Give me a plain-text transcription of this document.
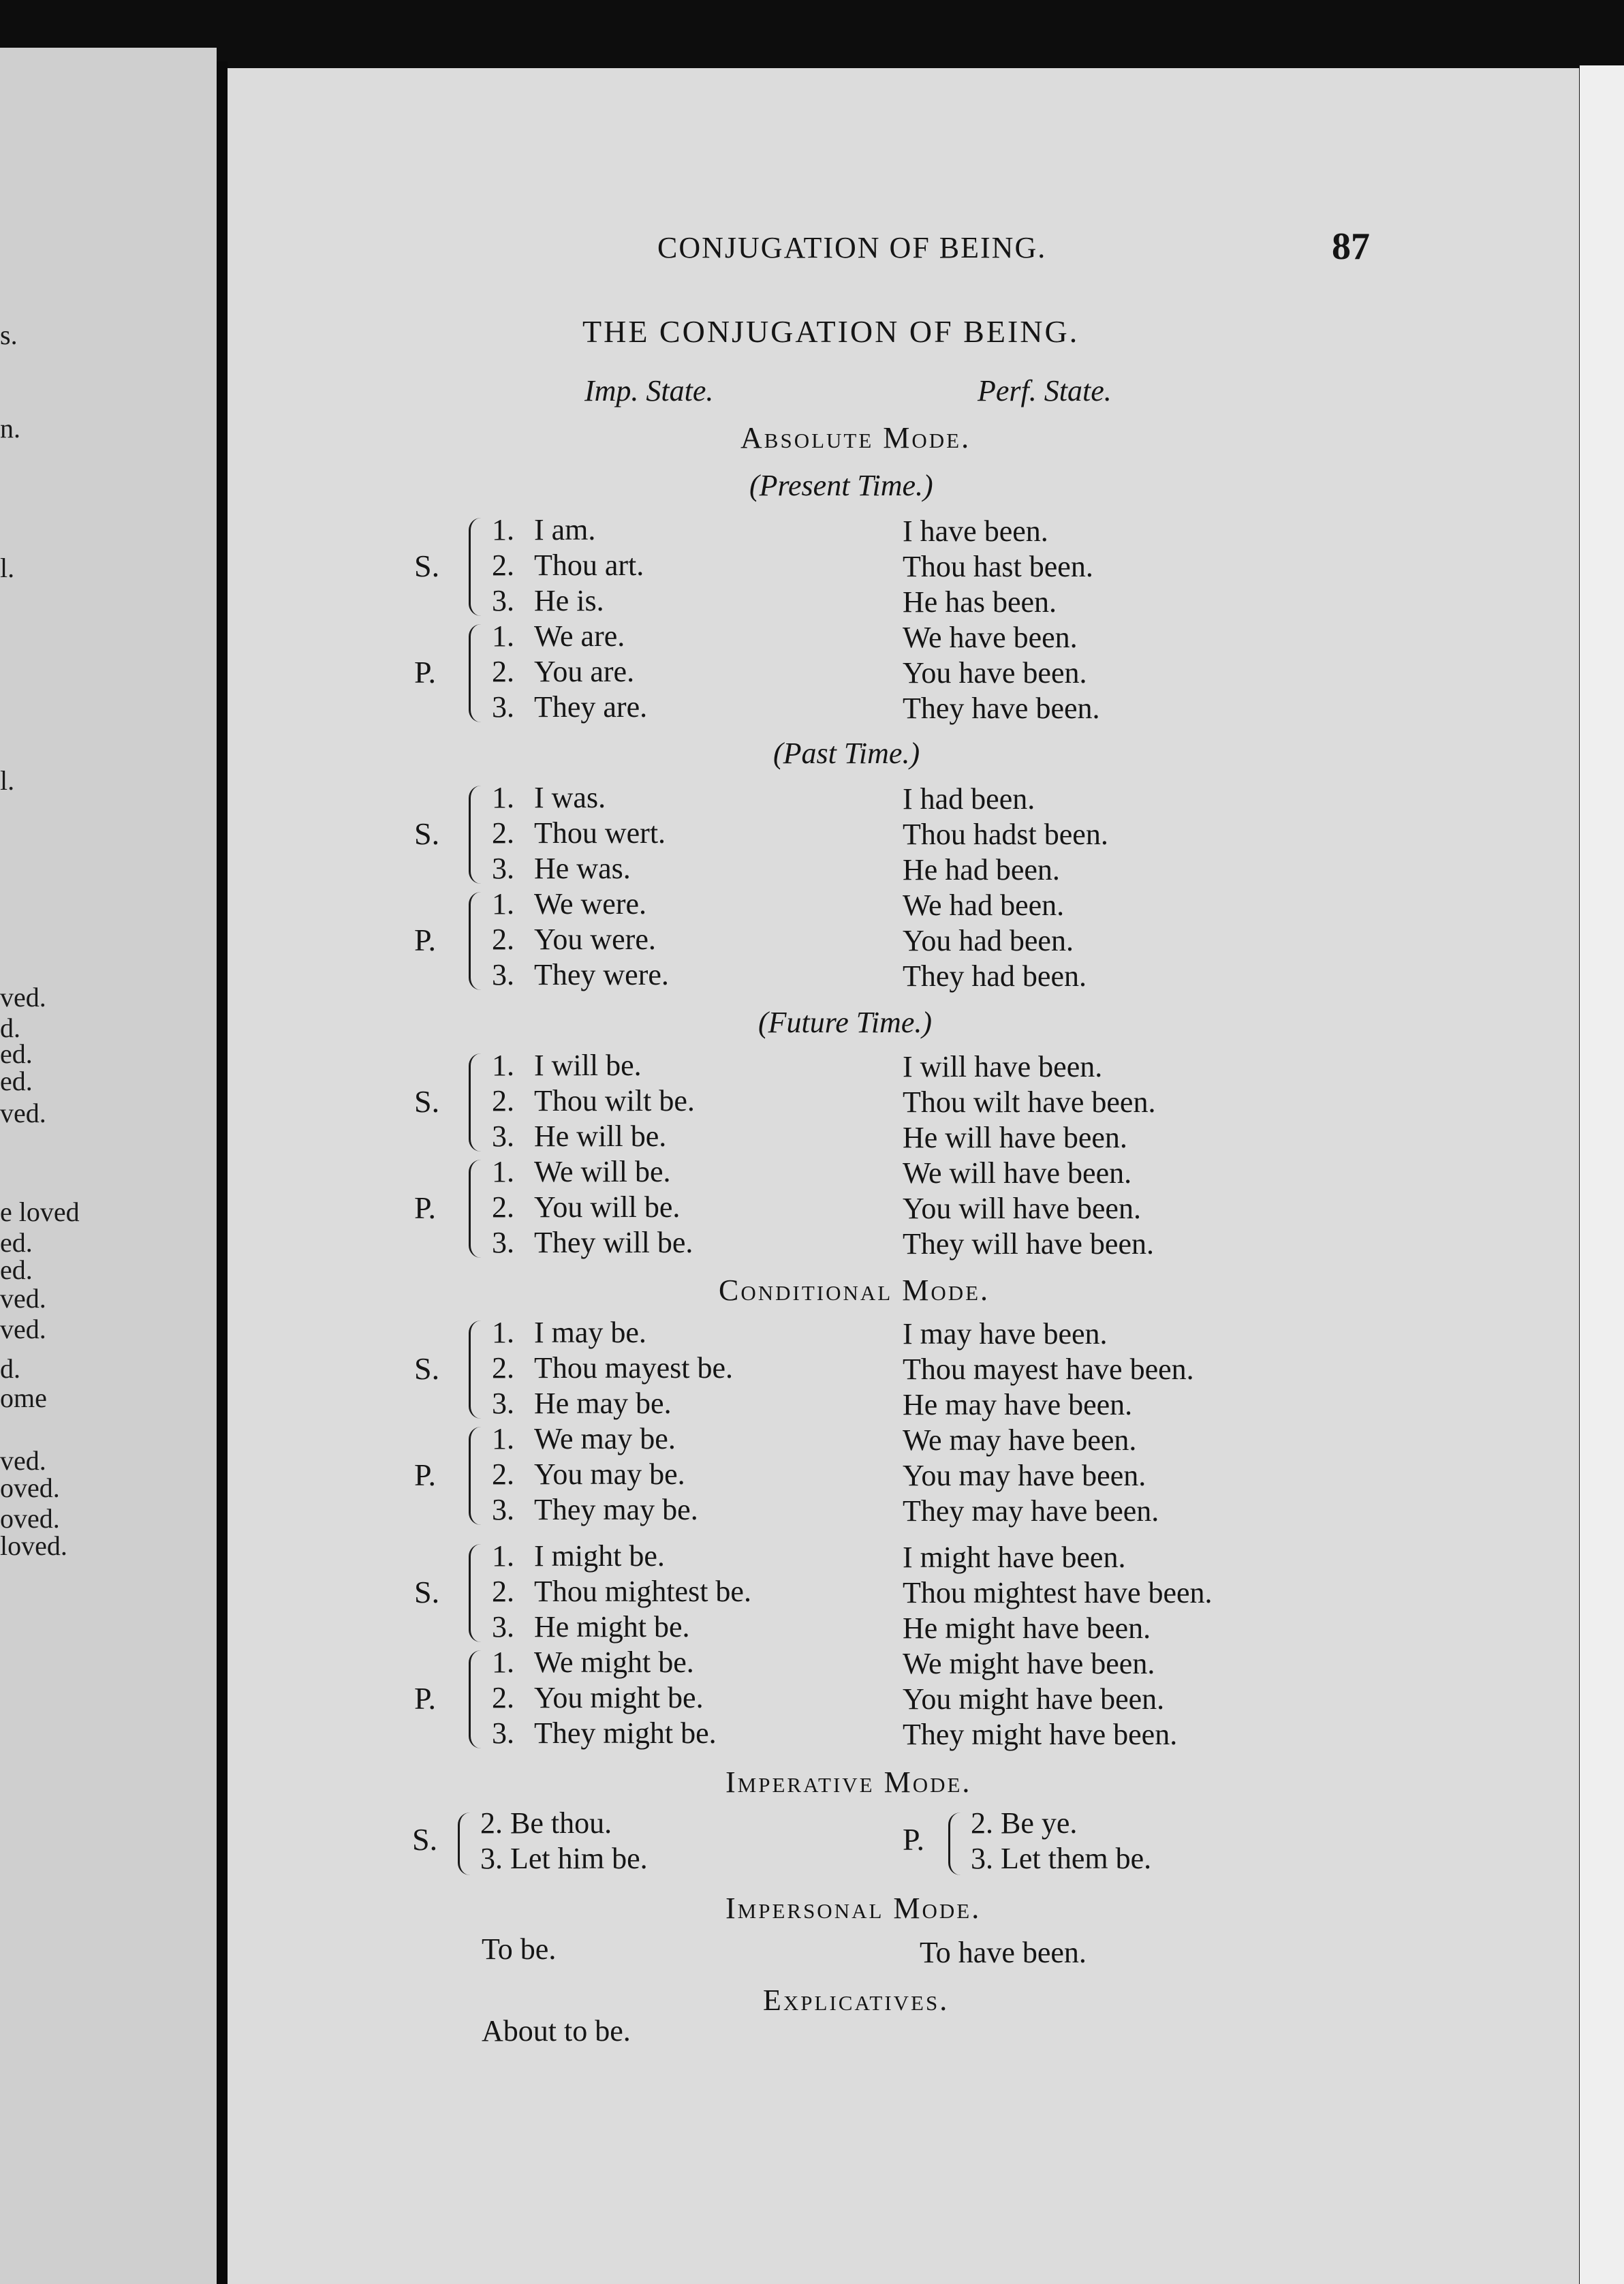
s.
n.
l.
l.
ved.
d.
ed.
ed.
ved.
e loved
ed.
ed.
ved.
ved.
d.
ome
ved.
oved.
oved.
loved.
CONJUGATION OF BEING.	87
THE CONJUGATION OF BEING.
Imp. State.	Perf. State.
Absolute Mode.
(Present Time.)
(Past Time.)
(Future Time.)
Conditional Mode.
Imperative Mode.
S.
1. I am.	I have been.
2. Thou art.	Thou hast been.
3. He is.	He has been.
P.
1. We are.	We have been.
2. You are.	You have been.
3. They are.	They have been.
S.
1. I was.	I had been.
2. Thou wert.	Thou hadst been.
3. He was.	He had been.
P.
1. We were.	We had been.
2. You were.	You had been.
3. They were.	They had been.
S.
1. I will be.	I will have been.
2. Thou wilt be.	Thou wilt have been.
3. He will be.	He will have been.
P.
1. We will be.	We will have been.
2. You will be.	You will have been.
3. They will be.	They will have been.
S.
1. I may be.	I may have been.
2. Thou mayest be.	Thou mayest have been.
3. He may be.	He may have been.
P.
1. We may be.	We may have been.
2. You may be.	You may have been.
3. They may be.	They may have been.
S.
1. I might be.	I might have been.
2. Thou mightest be.	Thou mightest have been.
3. He might be.	He might have been.
P.
1. We might be.	We might have been.
2. You might be.	You might have been.
3. They might be.	They might have been.
S. 2. Be thou.
3. Let him be.
P. 2. Be ye.
3. Let them be.
Impersonal Mode.
To be.	To have been.
Explicatives.
About to be.
